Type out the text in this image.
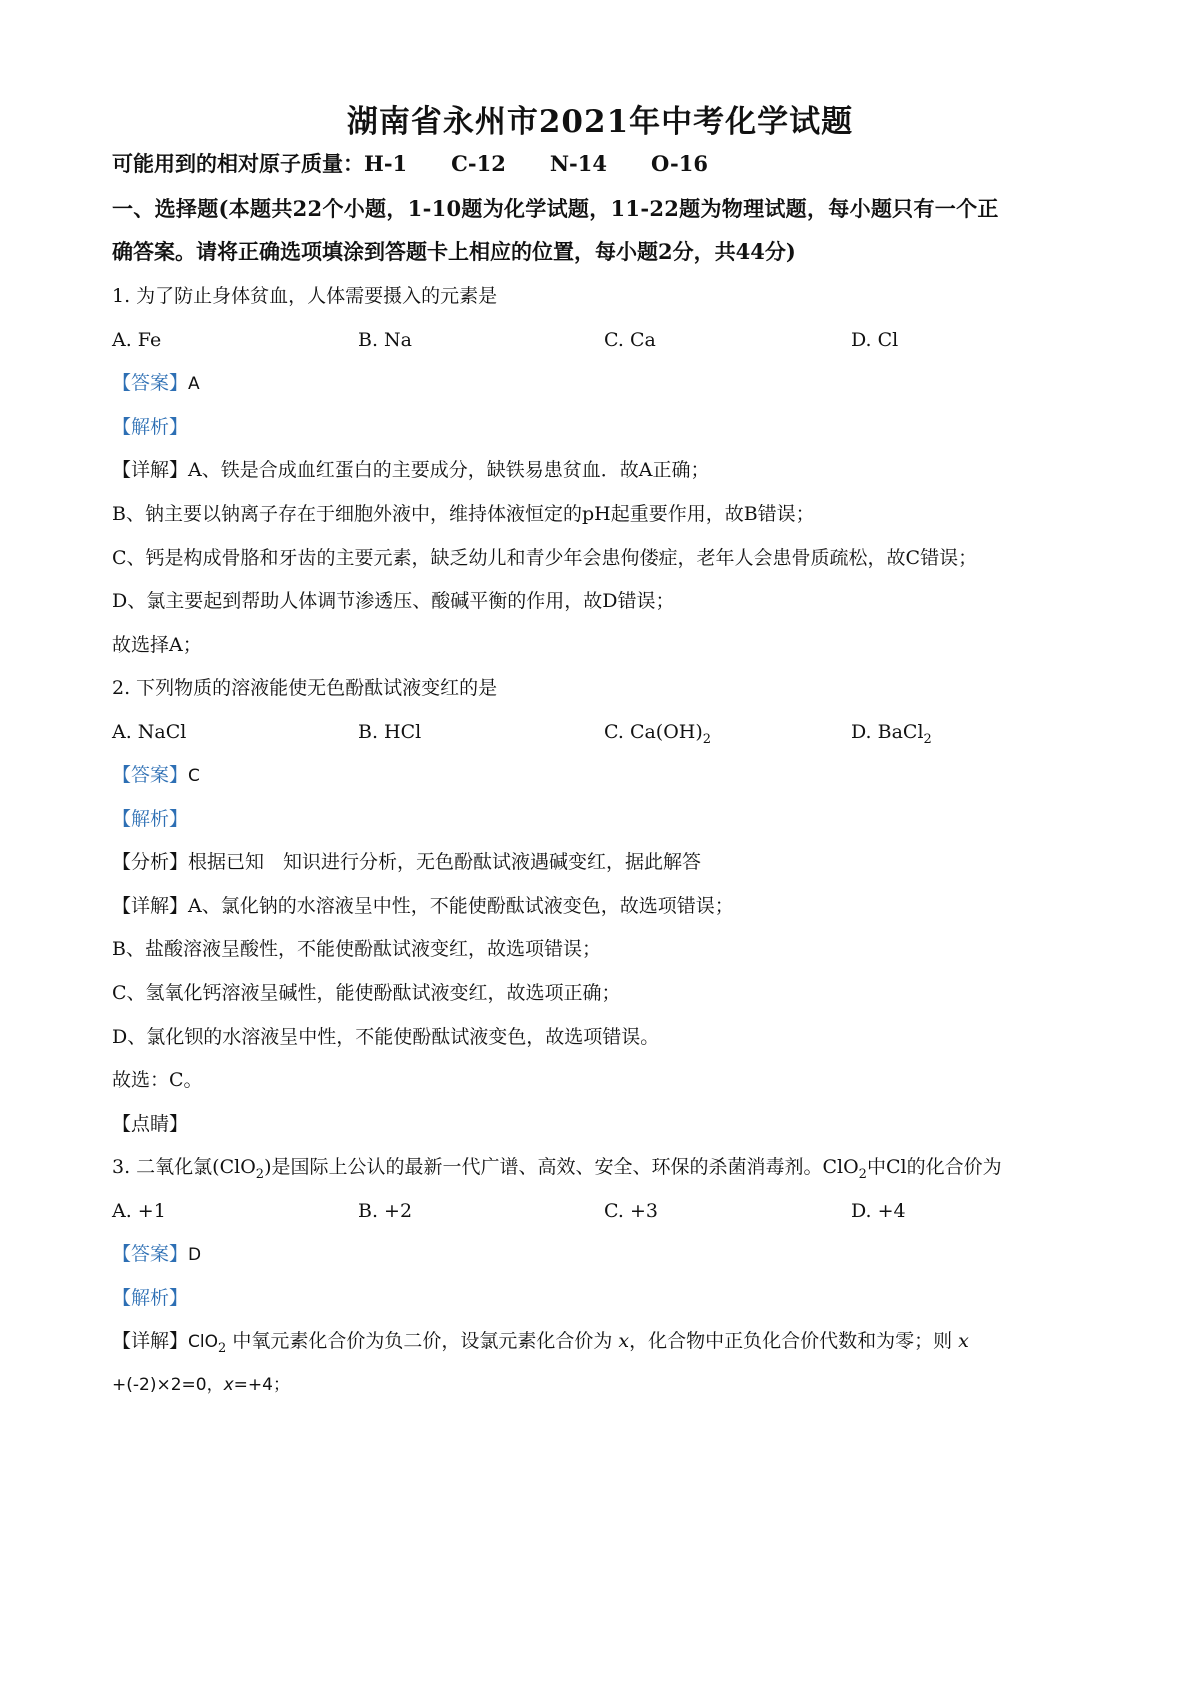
湖南省永州市2021年中考化学试题
可能用到的相对原子质量：H-1 C-12 N-14 O-16
一、选择题(本题共22个小题，1-10题为化学试题，11-22题为物理试题，每小题只有一个正
确答案。请将正确选项填涂到答题卡上相应的位置，每小题2分，共44分)
1. 为了防止身体贫血，人体需要摄入的元素是
A. Fe	B. Na	C. Ca	D. Cl
【答案】A
【解析】
【详解】A、铁是合成血红蛋白的主要成分，缺铁易患贫血．故A正确；
B、钠主要以钠离子存在于细胞外液中，维持体液恒定的pH起重要作用，故B错误；
C、钙是构成骨胳和牙齿的主要元素，缺乏幼儿和青少年会患佝偻症，老年人会患骨质疏松，故C错误；
D、氯主要起到帮助人体调节渗透压、酸碱平衡的作用，故D错误；
故选择A；
2. 下列物质的溶液能使无色酚酞试液变红的是
A. NaCl	B. HCl	C. $Ca(OH)_2$	D. BaCl$_2$
【答案】C
【解析】
【分析】根据已知　知识进行分析，无色酚酞试液遇碱变红，据此解答
【详解】A、氯化钠的水溶液呈中性，不能使酚酞试液变色，故选项错误；
B、盐酸溶液呈酸性，不能使酚酞试液变红，故选项错误；
C、氢氧化钙溶液呈碱性，能使酚酞试液变红，故选项正确；
D、氯化钡的水溶液呈中性，不能使酚酞试液变色，故选项错误。
故选：C。
【点睛】
3. 二氧化氯(ClO$_2$)是国际上公认的最新一代广谱、高效、安全、环保的杀菌消毒剂。ClO$_2$中Cl的化合价为
A. +1	B. +2	C. +3	D. +4
【答案】D
【解析】
【详解】ClO$_2$ 中氧元素化合价为负二价，设氯元素化合价为 x，化合物中正负化合价代数和为零；则 x
+(-2)×2=0，x=+4；
